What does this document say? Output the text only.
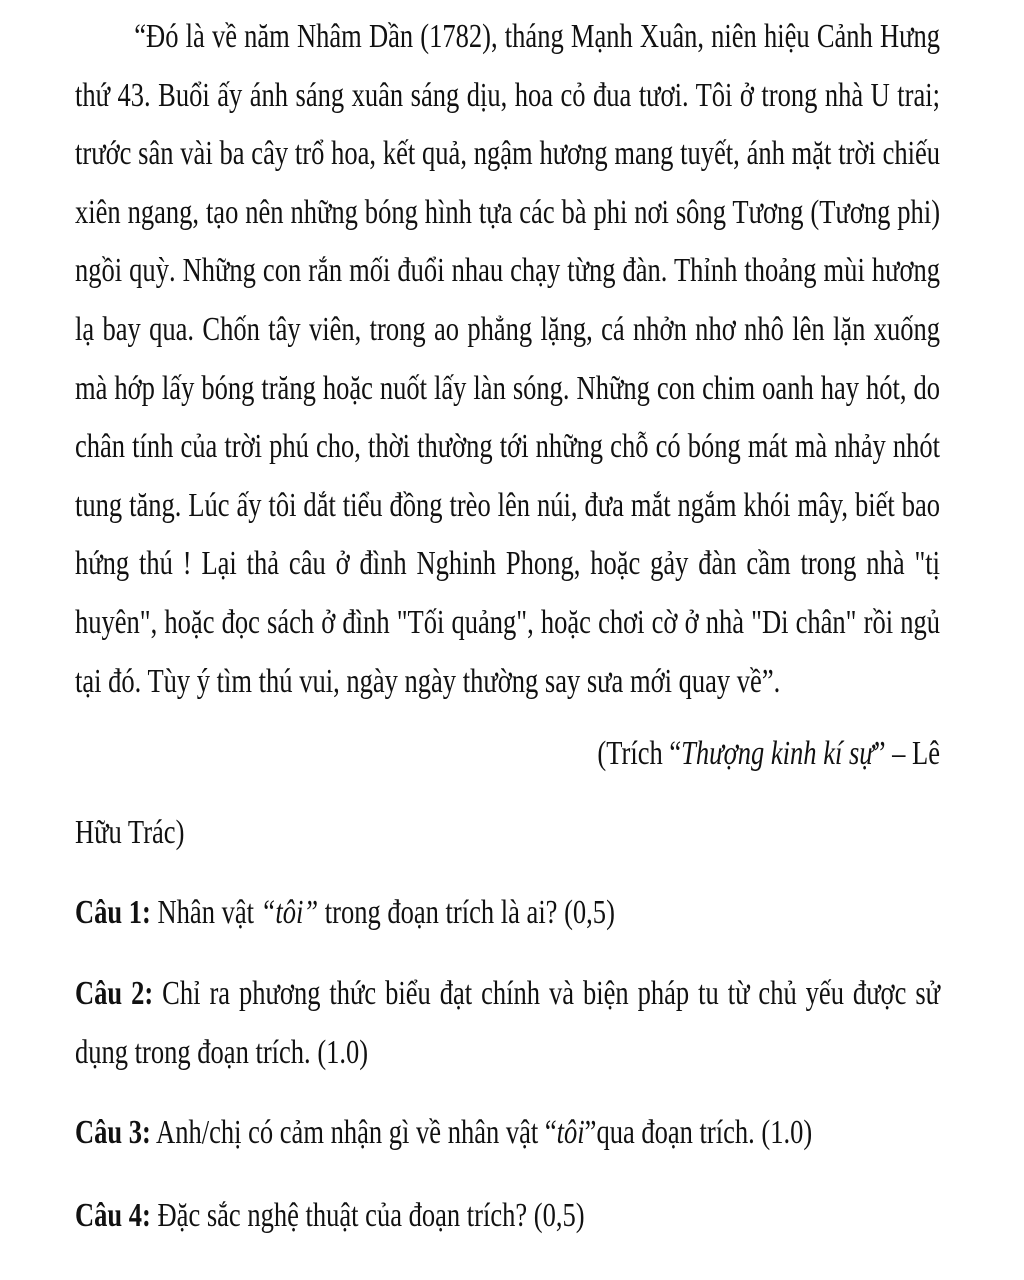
“Đó là về năm Nhâm Dần (1782), tháng Mạnh Xuân, niên hiệu Cảnh Hưng
thứ 43. Buổi ấy ánh sáng xuân sáng dịu, hoa cỏ đua tươi. Tôi ở trong nhà U trai;
trước sân vài ba cây trổ hoa, kết quả, ngậm hương mang tuyết, ánh mặt trời chiếu
xiên ngang, tạo nên những bóng hình tựa các bà phi nơi sông Tương (Tương phi)
ngồi quỳ. Những con rắn mối đuổi nhau chạy từng đàn. Thỉnh thoảng mùi hương
lạ bay qua. Chốn tây viên, trong ao phẳng lặng, cá nhởn nhơ nhô lên lặn xuống
mà hớp lấy bóng trăng hoặc nuốt lấy làn sóng. Những con chim oanh hay hót, do
chân tính của trời phú cho, thời thường tới những chỗ có bóng mát mà nhảy nhót
tung tăng. Lúc ấy tôi dắt tiểu đồng trèo lên núi, đưa mắt ngắm khói mây, biết bao
hứng thú ! Lại thả câu ở đình Nghinh Phong, hoặc gảy đàn cầm trong nhà "tị
huyên", hoặc đọc sách ở đình "Tối quảng", hoặc chơi cờ ở nhà "Di chân" rồi ngủ
tại đó. Tùy ý tìm thú vui, ngày ngày thường say sưa mới quay về”.
(Trích “Thượng kinh kí sự” – Lê
Hữu Trác)
Câu 1: Nhân vật “tôi” trong đoạn trích là ai? (0,5)
Câu 2: Chỉ ra phương thức biểu đạt chính và biện pháp tu từ chủ yếu được sử
dụng trong đoạn trích. (1.0)
Câu 3: Anh/chị có cảm nhận gì về nhân vật “tôi”qua đoạn trích. (1.0)
Câu 4: Đặc sắc nghệ thuật của đoạn trích? (0,5)
